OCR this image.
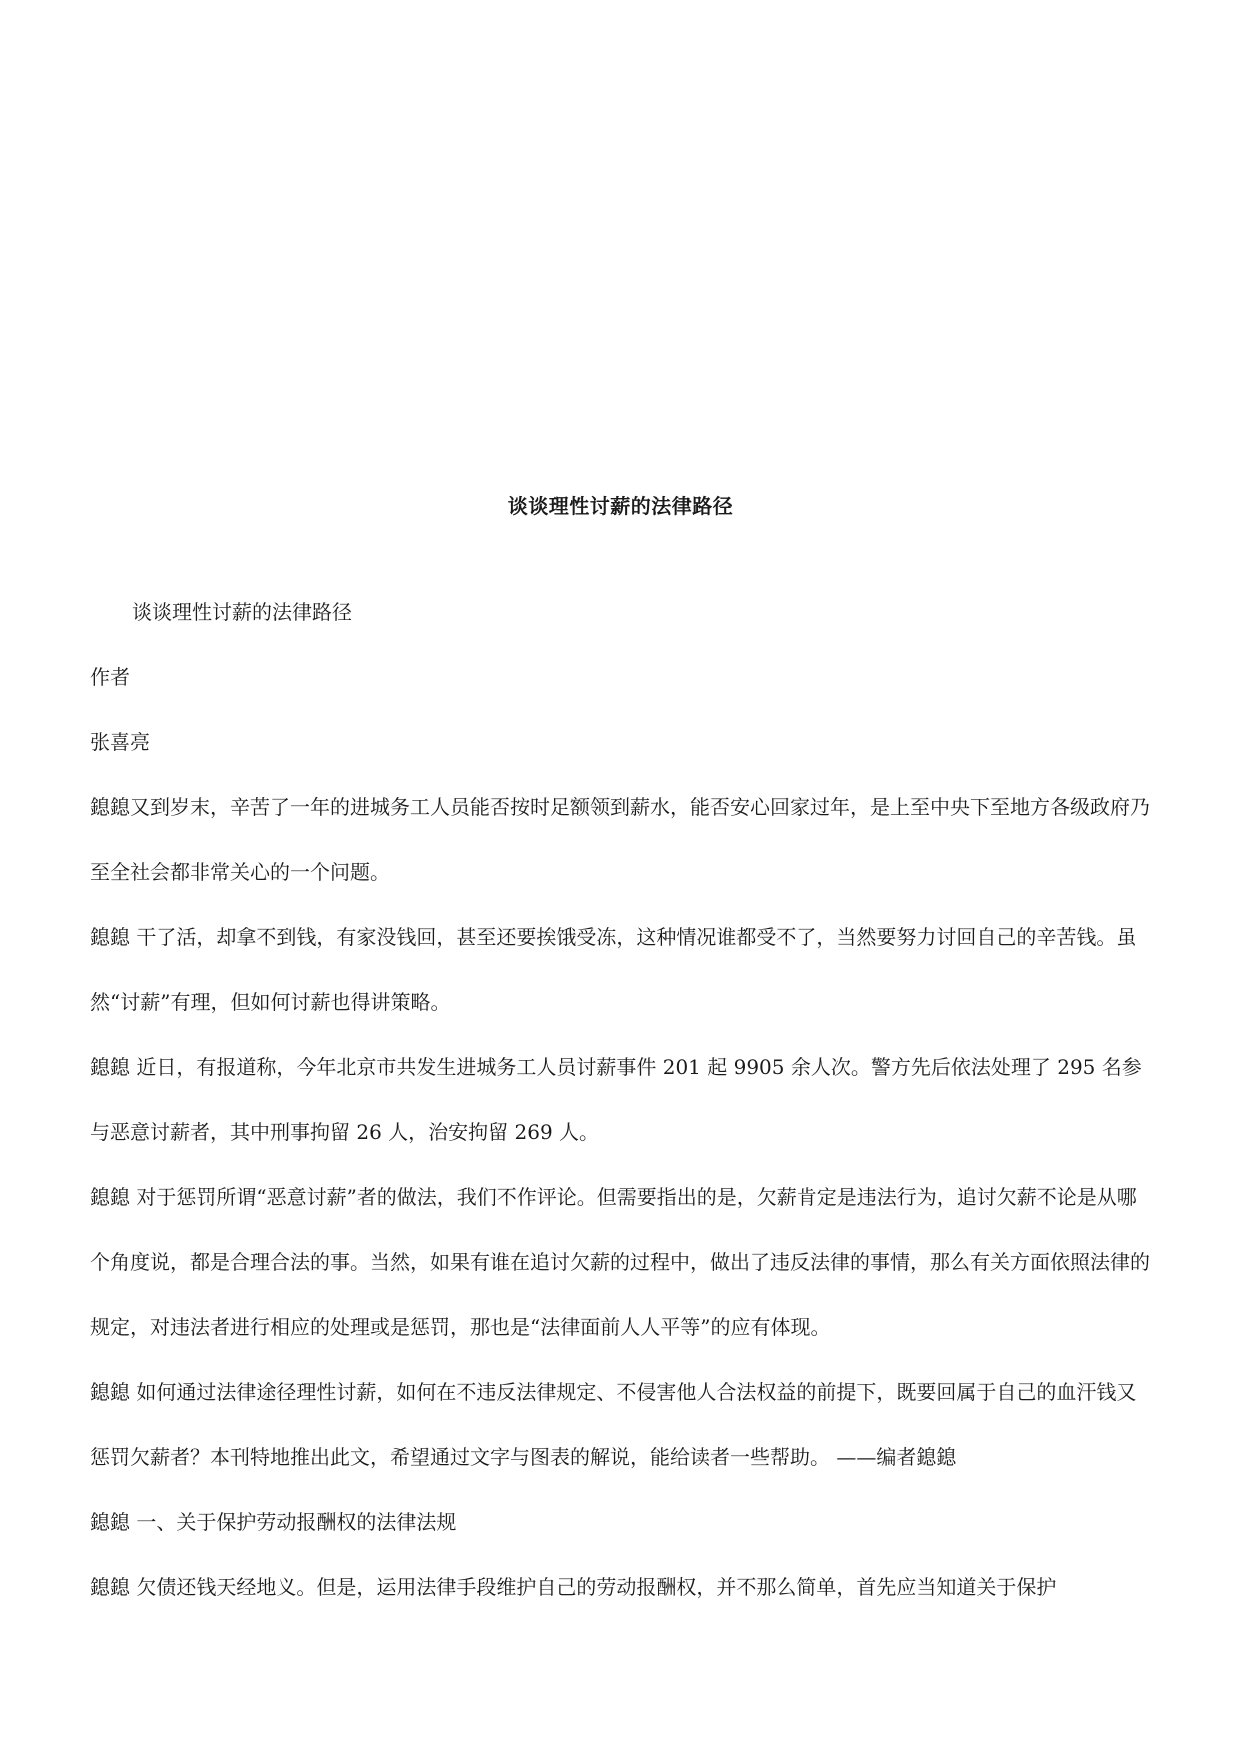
谈谈理性讨薪的法律路径

谈谈理性讨薪的法律路径

作者

张喜亮

鎴鎴又到岁末，辛苦了一年的进城务工人员能否按时足额领到薪水，能否安心回家过年，是上至中央下至地方各级政府乃至全社会都非常关心的一个问题。

鎴鎴 干了活，却拿不到钱，有家没钱回，甚至还要挨饿受冻，这种情况谁都受不了，当然要努力讨回自己的辛苦钱。虽然“讨薪”有理，但如何讨薪也得讲策略。

鎴鎴 近日，有报道称，今年北京市共发生进城务工人员讨薪事件 201 起 9905 余人次。警方先后依法处理了 295 名参与恶意讨薪者，其中刑事拘留 26 人，治安拘留 269 人。

鎴鎴 对于惩罚所谓“恶意讨薪”者的做法，我们不作评论。但需要指出的是，欠薪肯定是违法行为，追讨欠薪不论是从哪个角度说，都是合理合法的事。当然，如果有谁在追讨欠薪的过程中，做出了违反法律的事情，那么有关方面依照法律的规定，对违法者进行相应的处理或是惩罚，那也是“法律面前人人平等”的应有体现。

鎴鎴 如何通过法律途径理性讨薪，如何在不违反法律规定、不侵害他人合法权益的前提下，既要回属于自己的血汗钱又惩罚欠薪者？本刊特地推出此文，希望通过文字与图表的解说，能给读者一些帮助。 ——编者鎴鎴

鎴鎴 一、关于保护劳动报酬权的法律法规

鎴鎴 欠债还钱天经地义。但是，运用法律手段维护自己的劳动报酬权，并不那么简单，首先应当知道关于保护
